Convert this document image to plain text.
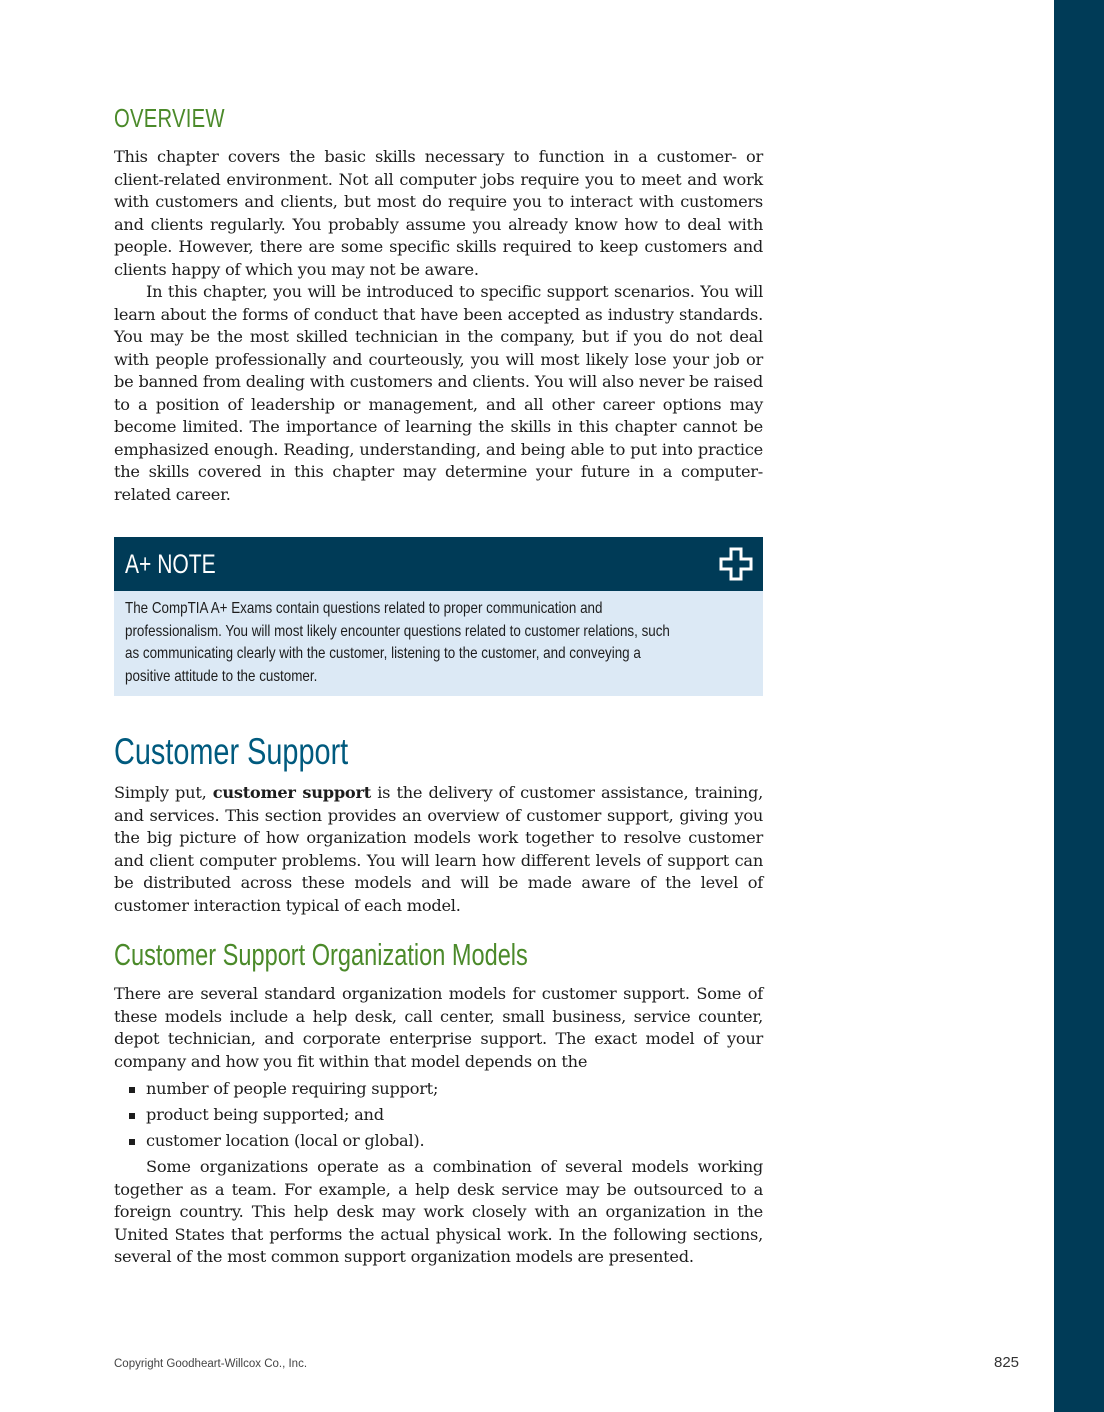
OVERVIEW

This chapter covers the basic skills necessary to function in a customer- or client-related environment. Not all computer jobs require you to meet and work with customers and clients, but most do require you to interact with customers and clients regularly. You probably assume you already know how to deal with people. However, there are some specific skills required to keep customers and clients happy of which you may not be aware.

In this chapter, you will be introduced to specific support scenarios. You will learn about the forms of conduct that have been accepted as industry standards. You may be the most skilled technician in the company, but if you do not deal with people professionally and courteously, you will most likely lose your job or be banned from dealing with customers and clients. You will also never be raised to a position of leadership or management, and all other career options may become limited. The importance of learning the skills in this chapter cannot be emphasized enough. Reading, understanding, and being able to put into practice the skills covered in this chapter may determine your future in a computer-related career.

A+ NOTE
The CompTIA A+ Exams contain questions related to proper communication and
professionalism. You will most likely encounter questions related to customer relations, such
as communicating clearly with the customer, listening to the customer, and conveying a
positive attitude to the customer.
Customer Support

Simply put, customer support is the delivery of customer assistance, training, and services. This section provides an overview of customer support, giving you the big picture of how organization models work together to resolve customer and client computer problems. You will learn how different levels of support can be distributed across these models and will be made aware of the level of customer interaction typical of each model.

Customer Support Organization Models

There are several standard organization models for customer support. Some of these models include a help desk, call center, small business, service counter, depot technician, and corporate enterprise support. The exact model of your company and how you fit within that model depends on the

number of people requiring support;
product being supported; and
customer location (local or global).

Some organizations operate as a combination of several models working together as a team. For example, a help desk service may be outsourced to a foreign country. This help desk may work closely with an organization in the United States that performs the actual physical work. In the following sections, several of the most common support organization models are presented.

Copyright Goodheart-Willcox Co., Inc.	825
